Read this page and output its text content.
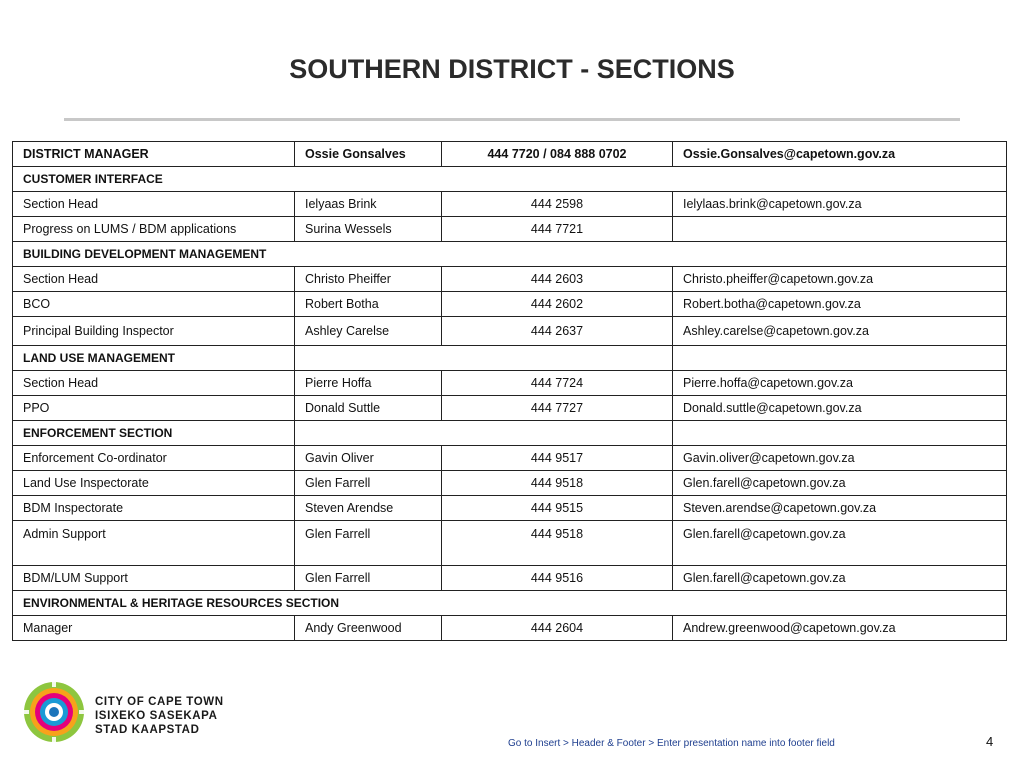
SOUTHERN DISTRICT - SECTIONS
DISTRICT MANAGER	Ossie Gonsalves	444 7720 / 084 888 0702	Ossie.Gonsalves@capetown.gov.za
CUSTOMER INTERFACE			
Section Head	Ielyaas Brink	444 2598	Ielylaas.brink@capetown.gov.za
Progress on LUMS / BDM applications	Surina Wessels	444 7721	
BUILDING DEVELOPMENT MANAGEMENT			
Section Head	Christo Pheiffer	444 2603	Christo.pheiffer@capetown.gov.za
BCO	Robert Botha	444 2602	Robert.botha@capetown.gov.za
Principal Building Inspector	Ashley Carelse	444 2637	Ashley.carelse@capetown.gov.za
LAND USE MANAGEMENT			
Section Head	Pierre Hoffa	444 7724	Pierre.hoffa@capetown.gov.za
PPO	Donald Suttle	444 7727	Donald.suttle@capetown.gov.za
ENFORCEMENT SECTION			
Enforcement Co-ordinator	Gavin Oliver	444 9517	Gavin.oliver@capetown.gov.za
Land Use Inspectorate	Glen Farrell	444 9518	Glen.farell@capetown.gov.za
BDM Inspectorate	Steven Arendse	444 9515	Steven.arendse@capetown.gov.za
Admin Support	Glen Farrell	444 9518	Glen.farell@capetown.gov.za
BDM/LUM Support	Glen Farrell	444 9516	Glen.farell@capetown.gov.za
ENVIRONMENTAL & HERITAGE RESOURCES SECTION			
Manager	Andy Greenwood	444 2604	Andrew.greenwood@capetown.gov.za
CITY OF CAPE TOWN
ISIXEKO SASEKAPA
STAD KAAPSTAD
Go to Insert > Header & Footer > Enter presentation name into footer field	4
